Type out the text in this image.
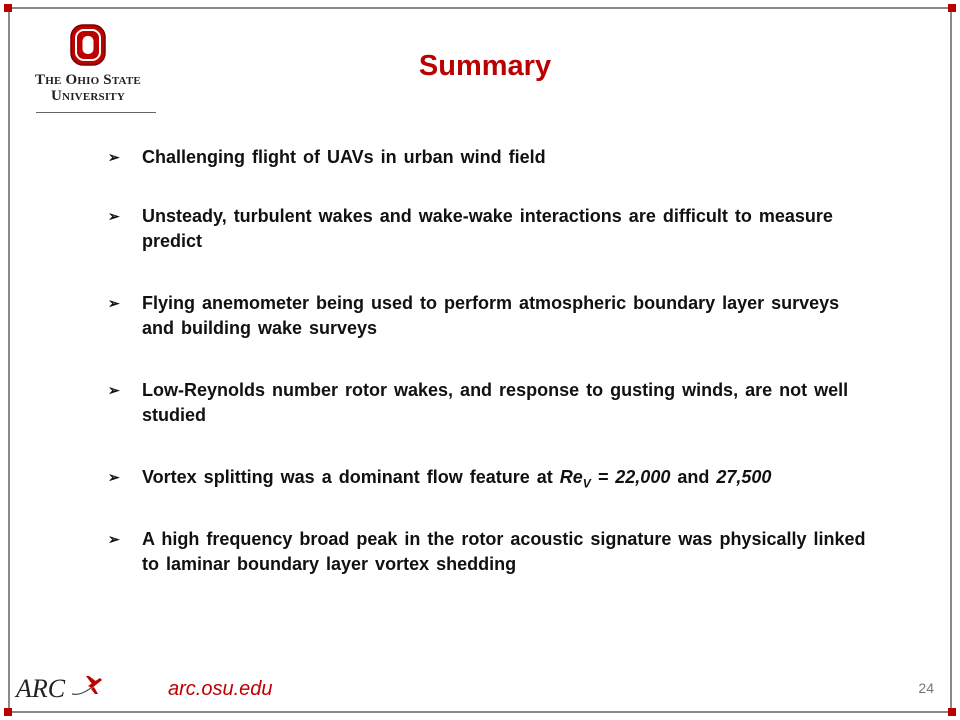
The Ohio State
University
Summary
➢	Challenging flight of UAVs in urban wind field
➢	Unsteady, turbulent wakes and wake-wake interactions are difficult to measure predict
➢	Flying anemometer being used to perform atmospheric boundary layer surveys and building wake surveys
➢	Low-Reynolds number rotor wakes, and response to gusting winds, are not well studied
➢	Vortex splitting was a dominant flow feature at $Re_V = 22,000$ and 27,500
➢	A high frequency broad peak in the rotor acoustic signature was physically linked to laminar boundary layer vortex shedding
ARC	arc.osu.edu	24
